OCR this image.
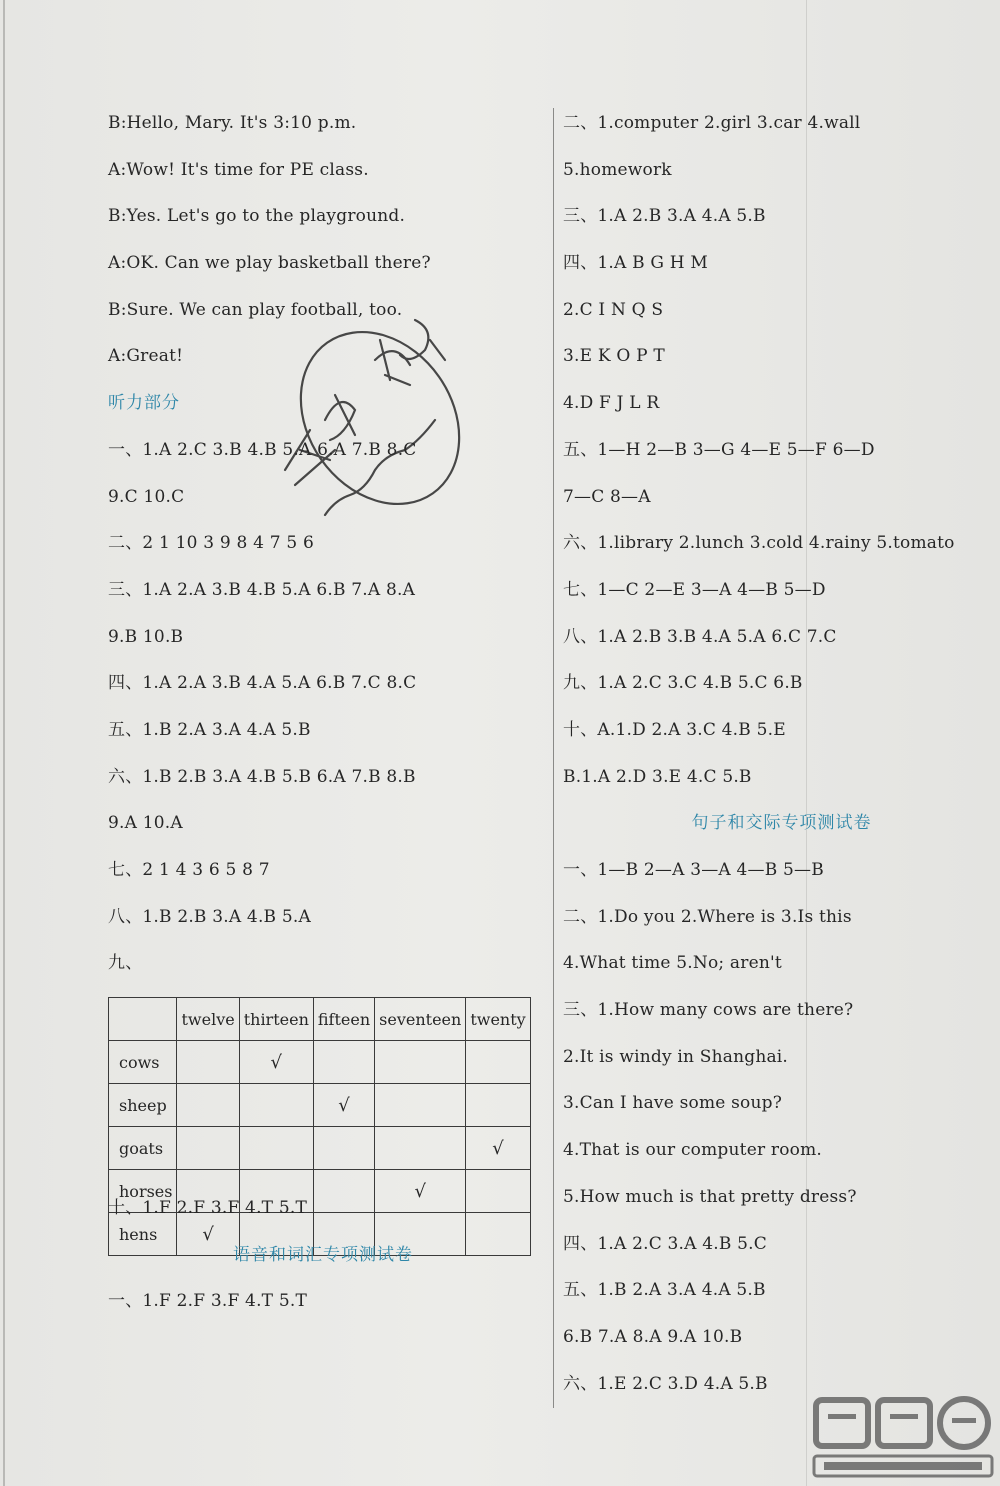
B:Hello, Mary. It's 3:10 p.m.
A:Wow! It's time for PE class.
B:Yes. Let's go to the playground.
A:OK. Can we play basketball there?
B:Sure. We can play football, too.
A:Great!
听力部分
一、1.A 2.C 3.B 4.B 5.A 6.A 7.B 8.C
9.C 10.C
二、2 1 10 3 9 8 4 7 5 6
三、1.A 2.A 3.B 4.B 5.A 6.B 7.A 8.A
9.B 10.B
四、1.A 2.A 3.B 4.A 5.A 6.B 7.C 8.C
五、1.B 2.A 3.A 4.A 5.B
六、1.B 2.B 3.A 4.B 5.B 6.A 7.B 8.B
9.A 10.A
七、2 1 4 3 6 5 8 7
八、1.B 2.B 3.A 4.B 5.A
九、
	twelve	thirteen	fifteen	seventeen	twenty
cows		√			
sheep			√		
goats					√
horses				√	
hens	√				
十、1.F 2.F 3.F 4.T 5.T
语音和词汇专项测试卷
一、1.F 2.F 3.F 4.T 5.T
二、1.computer 2.girl 3.car 4.wall
5.homework
三、1.A 2.B 3.A 4.A 5.B
四、1.A B G H M
2.C I N Q S
3.E K O P T
4.D F J L R
五、1—H 2—B 3—G 4—E 5—F 6—D
7—C 8—A
六、1.library 2.lunch 3.cold 4.rainy 5.tomato
七、1—C 2—E 3—A 4—B 5—D
八、1.A 2.B 3.B 4.A 5.A 6.C 7.C
九、1.A 2.C 3.C 4.B 5.C 6.B
十、A.1.D 2.A 3.C 4.B 5.E
B.1.A 2.D 3.E 4.C 5.B
句子和交际专项测试卷
一、1—B 2—A 3—A 4—B 5—B
二、1.Do you 2.Where is 3.Is this
4.What time 5.No; aren't
三、1.How many cows are there?
2.It is windy in Shanghai.
3.Can I have some soup?
4.That is our computer room.
5.How much is that pretty dress?
四、1.A 2.C 3.A 4.B 5.C
五、1.B 2.A 3.A 4.A 5.B
6.B 7.A 8.A 9.A 10.B
六、1.E 2.C 3.D 4.A 5.B
